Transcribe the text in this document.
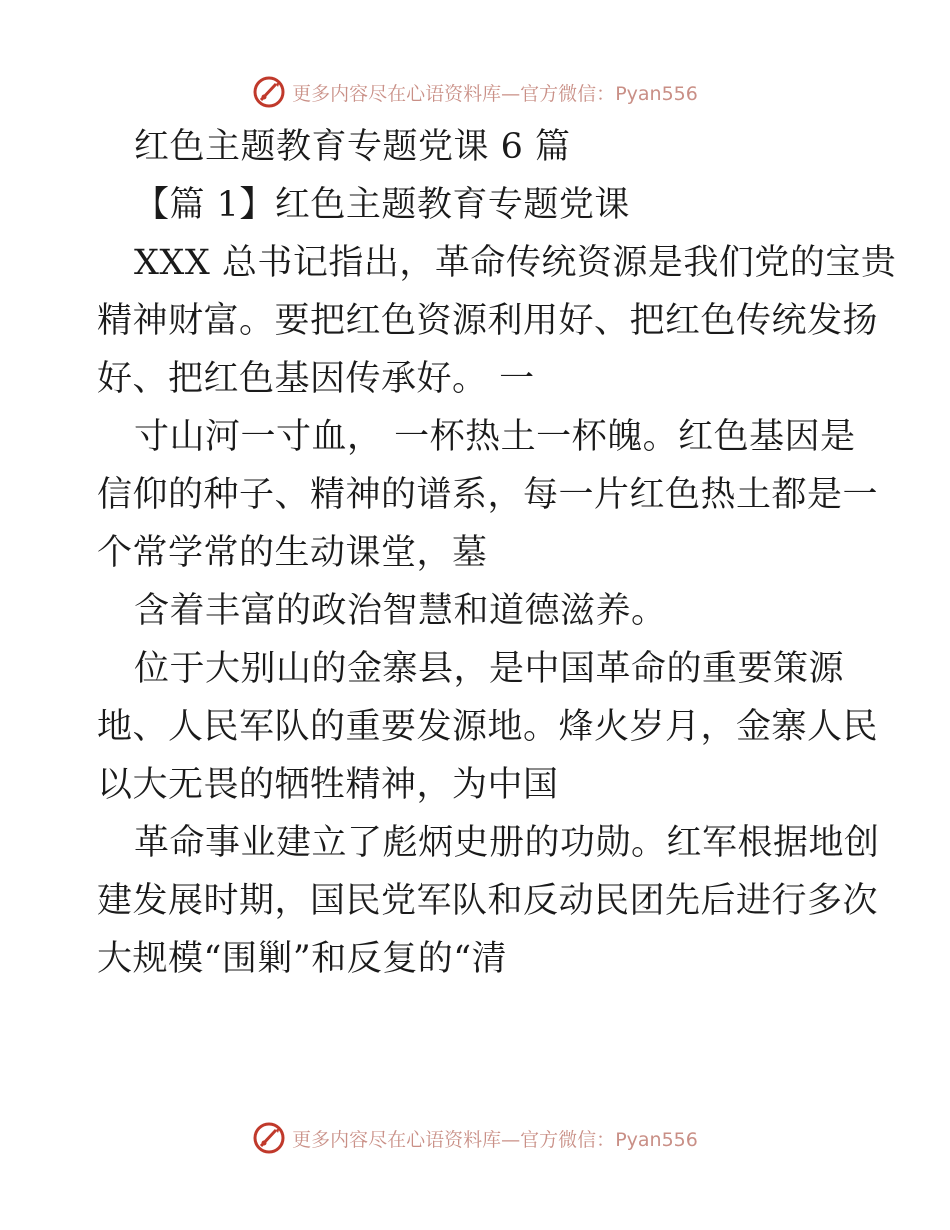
更多内容尽在心语资料库—官方微信：Pyan556
红色主题教育专题党课 6 篇
【篇 1】红色主题教育专题党课
XXX 总书记指出，革命传统资源是我们党的宝贵
精神财富。要把红色资源利用好、把红色传统发扬
好、把红色基因传承好。 一
寸山河一寸血， 一杯热土一杯魄。红色基因是
信仰的种子、精神的谱系，每一片红色热土都是一
个常学常的生动课堂，墓
含着丰富的政治智慧和道德滋养。
位于大别山的金寨县，是中国革命的重要策源
地、人民军队的重要发源地。烽火岁月，金寨人民
以大无畏的牺牲精神，为中国
革命事业建立了彪炳史册的功勋。红军根据地创
建发展时期，国民党军队和反动民团先后进行多次
大规模“围剿”和反复的“清
更多内容尽在心语资料库—官方微信：Pyan556
